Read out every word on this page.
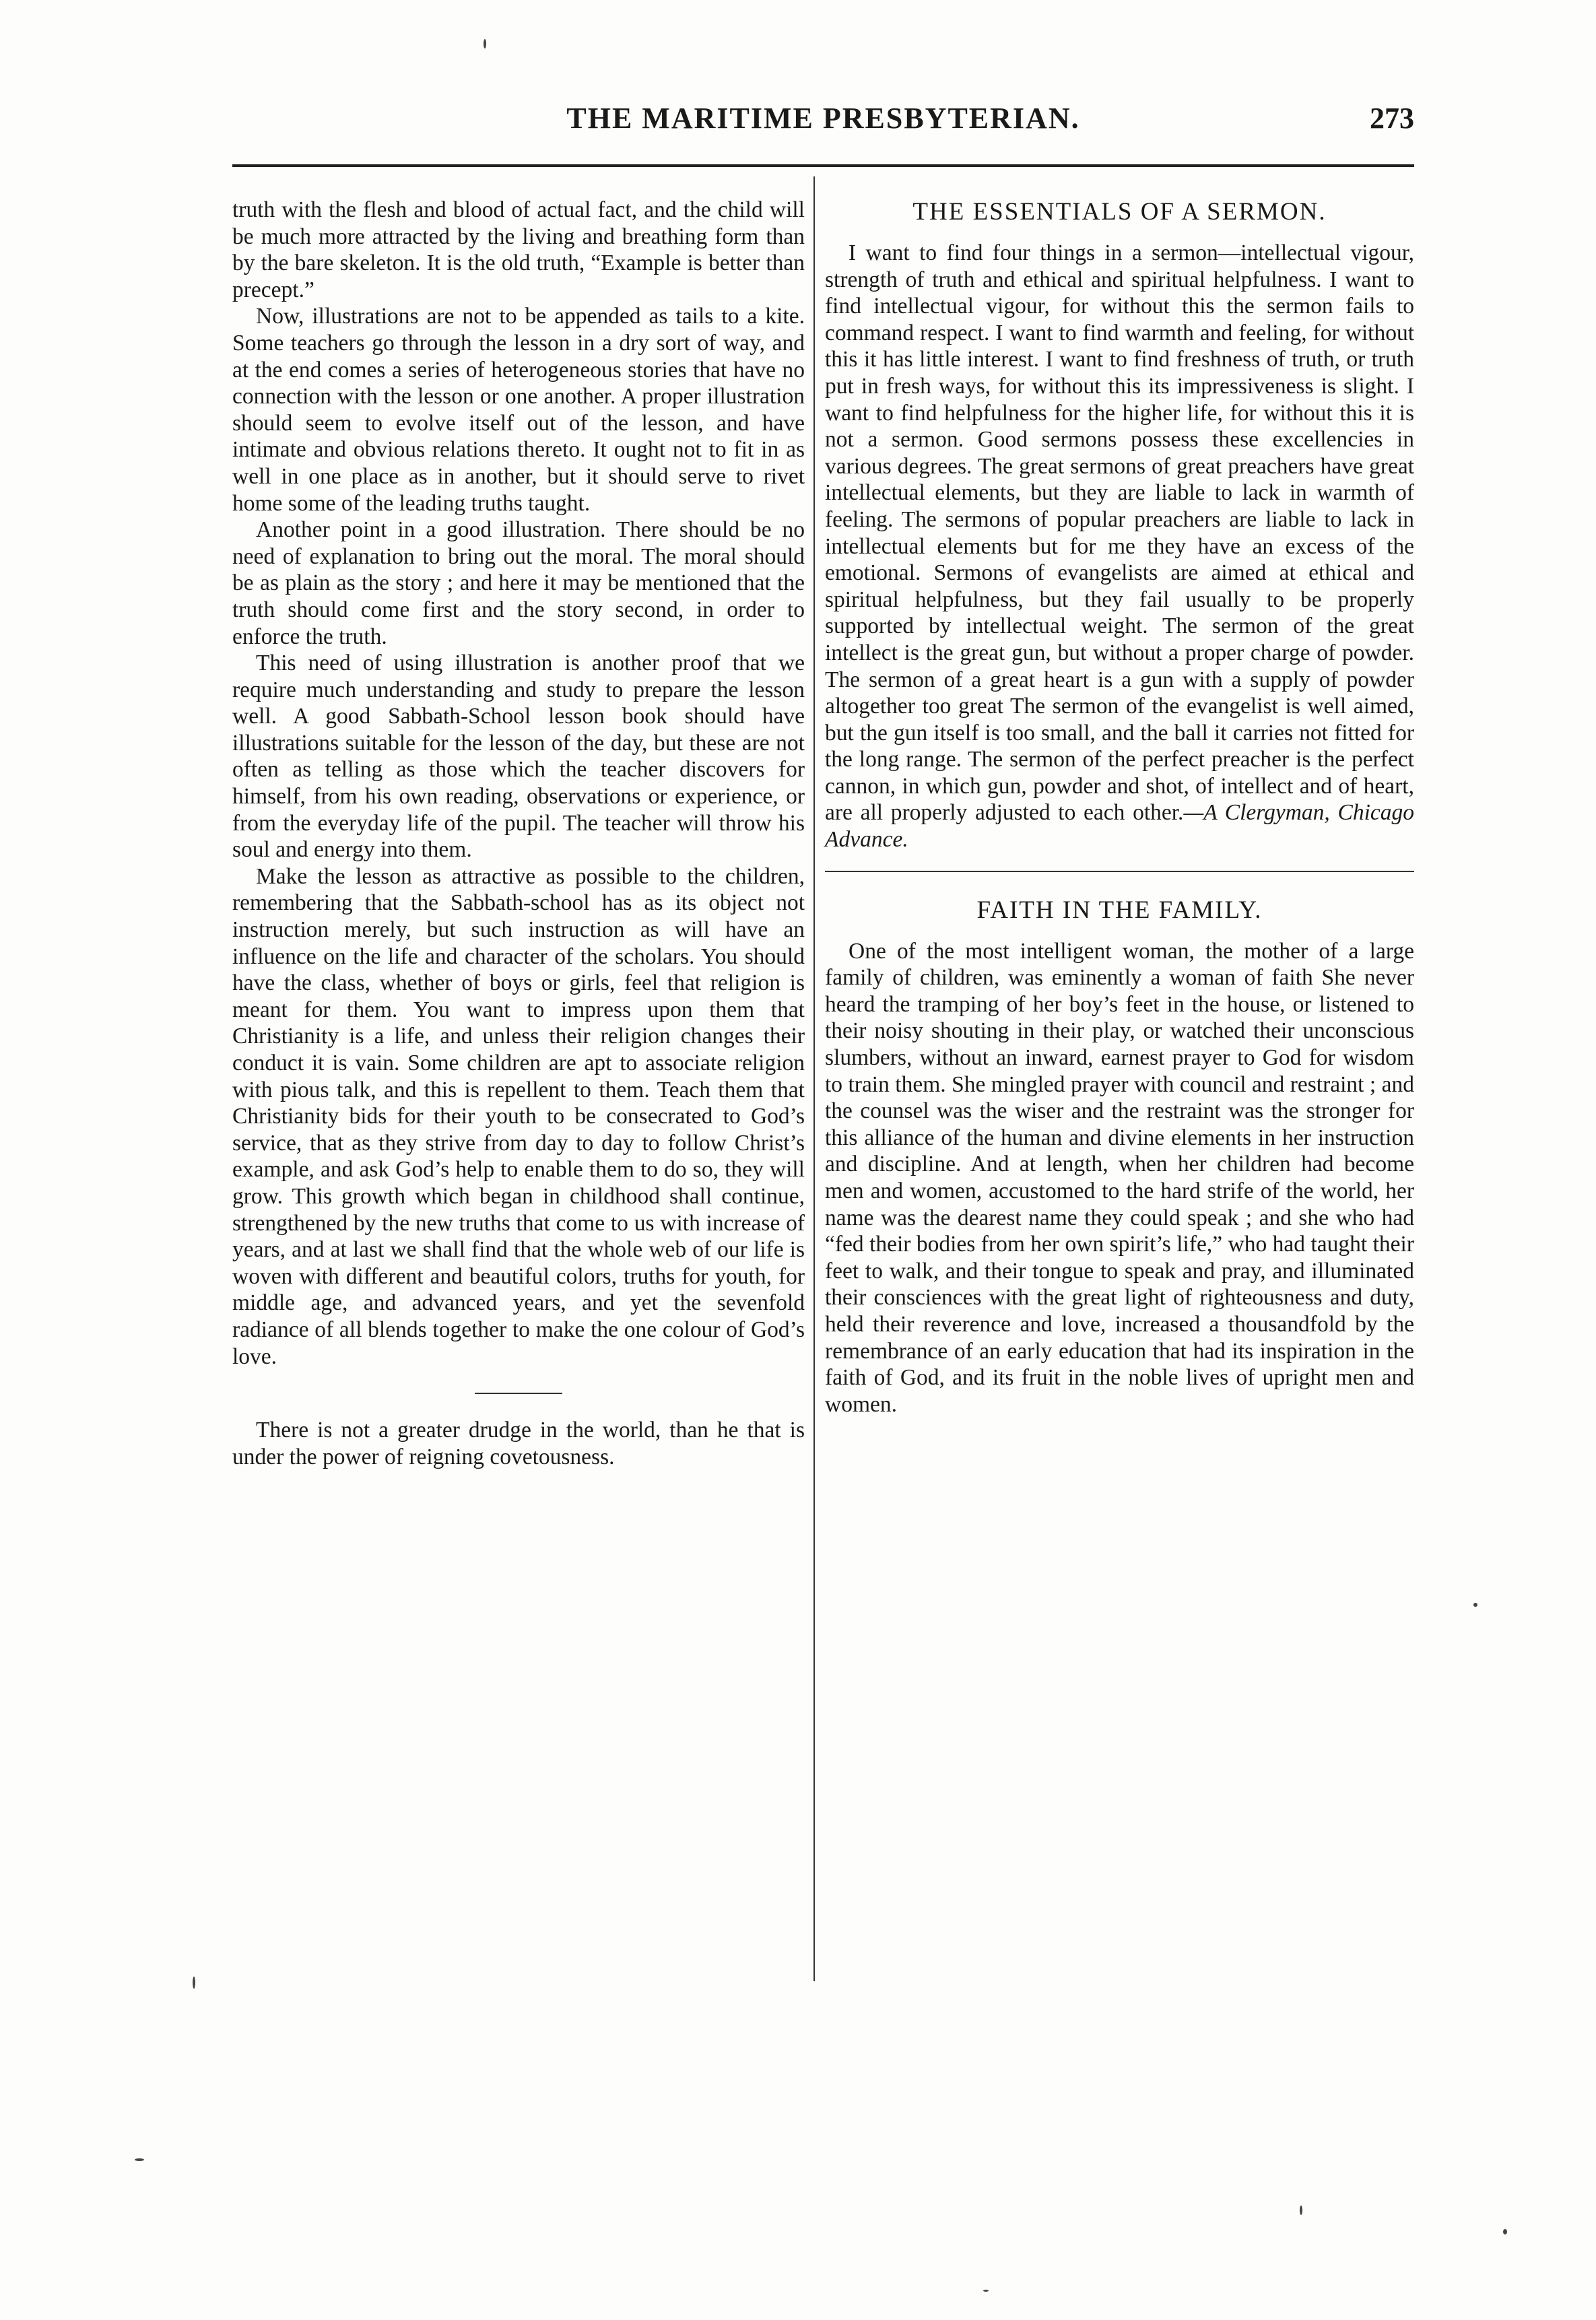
THE MARITIME PRESBYTERIAN.	273

truth with the flesh and blood of actual fact, and the child will be much more attracted by the living and breathing form than by the bare skeleton. It is the old truth, “Example is better than precept.”

Now, illustrations are not to be appended as tails to a kite. Some teachers go through the lesson in a dry sort of way, and at the end comes a series of heterogeneous stories that have no connection with the lesson or one another. A proper illustration should seem to evolve itself out of the lesson, and have intimate and obvious relations thereto. It ought not to fit in as well in one place as in another, but it should serve to rivet home some of the leading truths taught.

Another point in a good illustration. There should be no need of explanation to bring out the moral. The moral should be as plain as the story ; and here it may be mentioned that the truth should come first and the story second, in order to enforce the truth.

This need of using illustration is another proof that we require much understanding and study to prepare the lesson well. A good Sabbath-School lesson book should have illustrations suitable for the lesson of the day, but these are not often as telling as those which the teacher discovers for himself, from his own reading, observations or experience, or from the everyday life of the pupil. The teacher will throw his soul and energy into them.

Make the lesson as attractive as possible to the children, remembering that the Sabbath-school has as its object not instruction merely, but such instruction as will have an influence on the life and character of the scholars. You should have the class, whether of boys or girls, feel that religion is meant for them. You want to impress upon them that Christianity is a life, and unless their religion changes their conduct it is vain. Some children are apt to associate religion with pious talk, and this is repellent to them. Teach them that Christianity bids for their youth to be consecrated to God’s service, that as they strive from day to day to follow Christ’s example, and ask God’s help to enable them to do so, they will grow. This growth which began in childhood shall continue, strengthened by the new truths that come to us with increase of years, and at last we shall find that the whole web of our life is woven with different and beautiful colors, truths for youth, for middle age, and advanced years, and yet the sevenfold radiance of all blends together to make the one colour of God’s love.

There is not a greater drudge in the world, than he that is under the power of reigning covetousness.

THE ESSENTIALS OF A SERMON.

I want to find four things in a sermon—intellectual vigour, strength of truth and ethical and spiritual helpfulness. I want to find intellectual vigour, for without this the sermon fails to command respect. I want to find warmth and feeling, for without this it has little interest. I want to find freshness of truth, or truth put in fresh ways, for without this its impressiveness is slight. I want to find helpfulness for the higher life, for without this it is not a sermon. Good sermons possess these excellencies in various degrees. The great sermons of great preachers have great intellectual elements, but they are liable to lack in warmth of feeling. The sermons of popular preachers are liable to lack in intellectual elements but for me they have an excess of the emotional. Sermons of evangelists are aimed at ethical and spiritual helpfulness, but they fail usually to be properly supported by intellectual weight. The sermon of the great intellect is the great gun, but without a proper charge of powder. The sermon of a great heart is a gun with a supply of powder altogether too great The sermon of the evangelist is well aimed, but the gun itself is too small, and the ball it carries not fitted for the long range. The sermon of the perfect preacher is the perfect cannon, in which gun, powder and shot, of intellect and of heart, are all properly adjusted to each other.—A Clergyman, Chicago Advance.

FAITH IN THE FAMILY.

One of the most intelligent woman, the mother of a large family of children, was eminently a woman of faith She never heard the tramping of her boy’s feet in the house, or listened to their noisy shouting in their play, or watched their unconscious slumbers, without an inward, earnest prayer to God for wisdom to train them. She mingled prayer with council and restraint ; and the counsel was the wiser and the restraint was the stronger for this alliance of the human and divine elements in her instruction and discipline. And at length, when her children had become men and women, accustomed to the hard strife of the world, her name was the dearest name they could speak ; and she who had “fed their bodies from her own spirit’s life,” who had taught their feet to walk, and their tongue to speak and pray, and illuminated their consciences with the great light of righteousness and duty, held their reverence and love, increased a thousandfold by the remembrance of an early education that had its inspiration in the faith of God, and its fruit in the noble lives of upright men and women.
